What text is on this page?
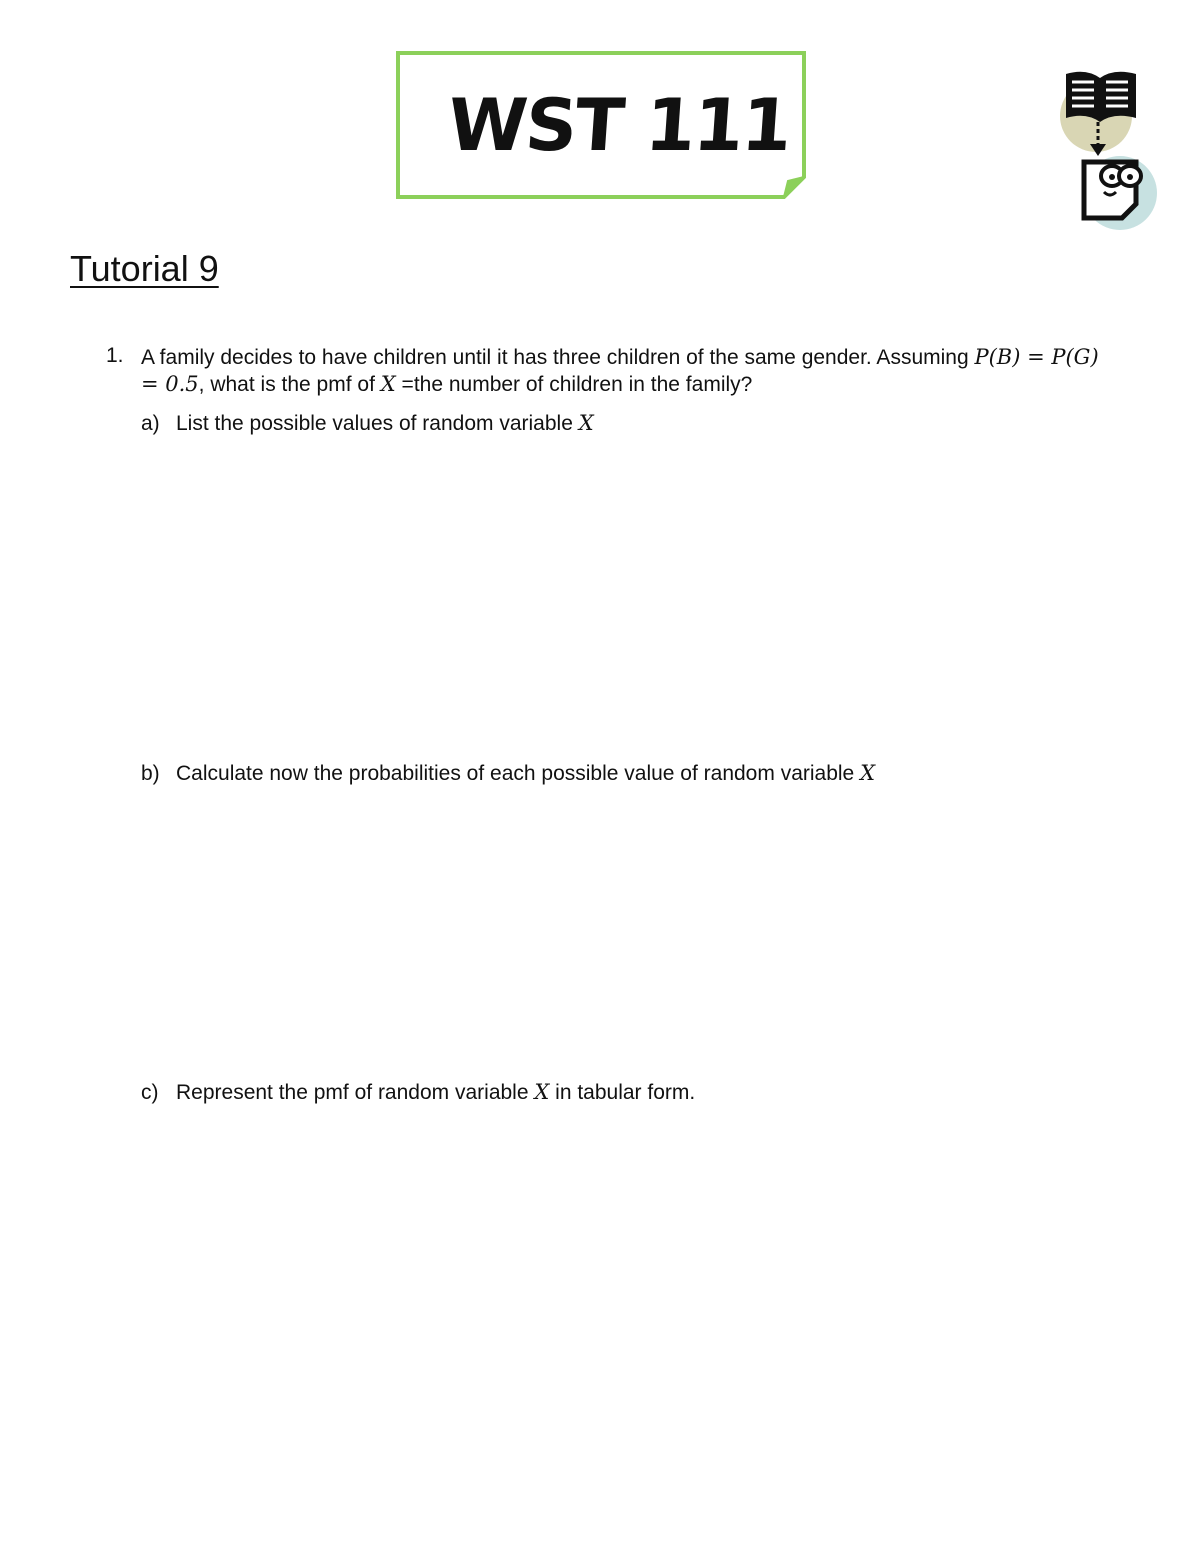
WST 111
Tutorial 9
1. A family decides to have children until it has three children of the same gender. Assuming P(B) = P(G) = 0.5, what is the pmf of X =the number of children in the family?
a) List the possible values of random variable X
b) Calculate now the probabilities of each possible value of random variable X
c) Represent the pmf of random variable X in tabular form.
